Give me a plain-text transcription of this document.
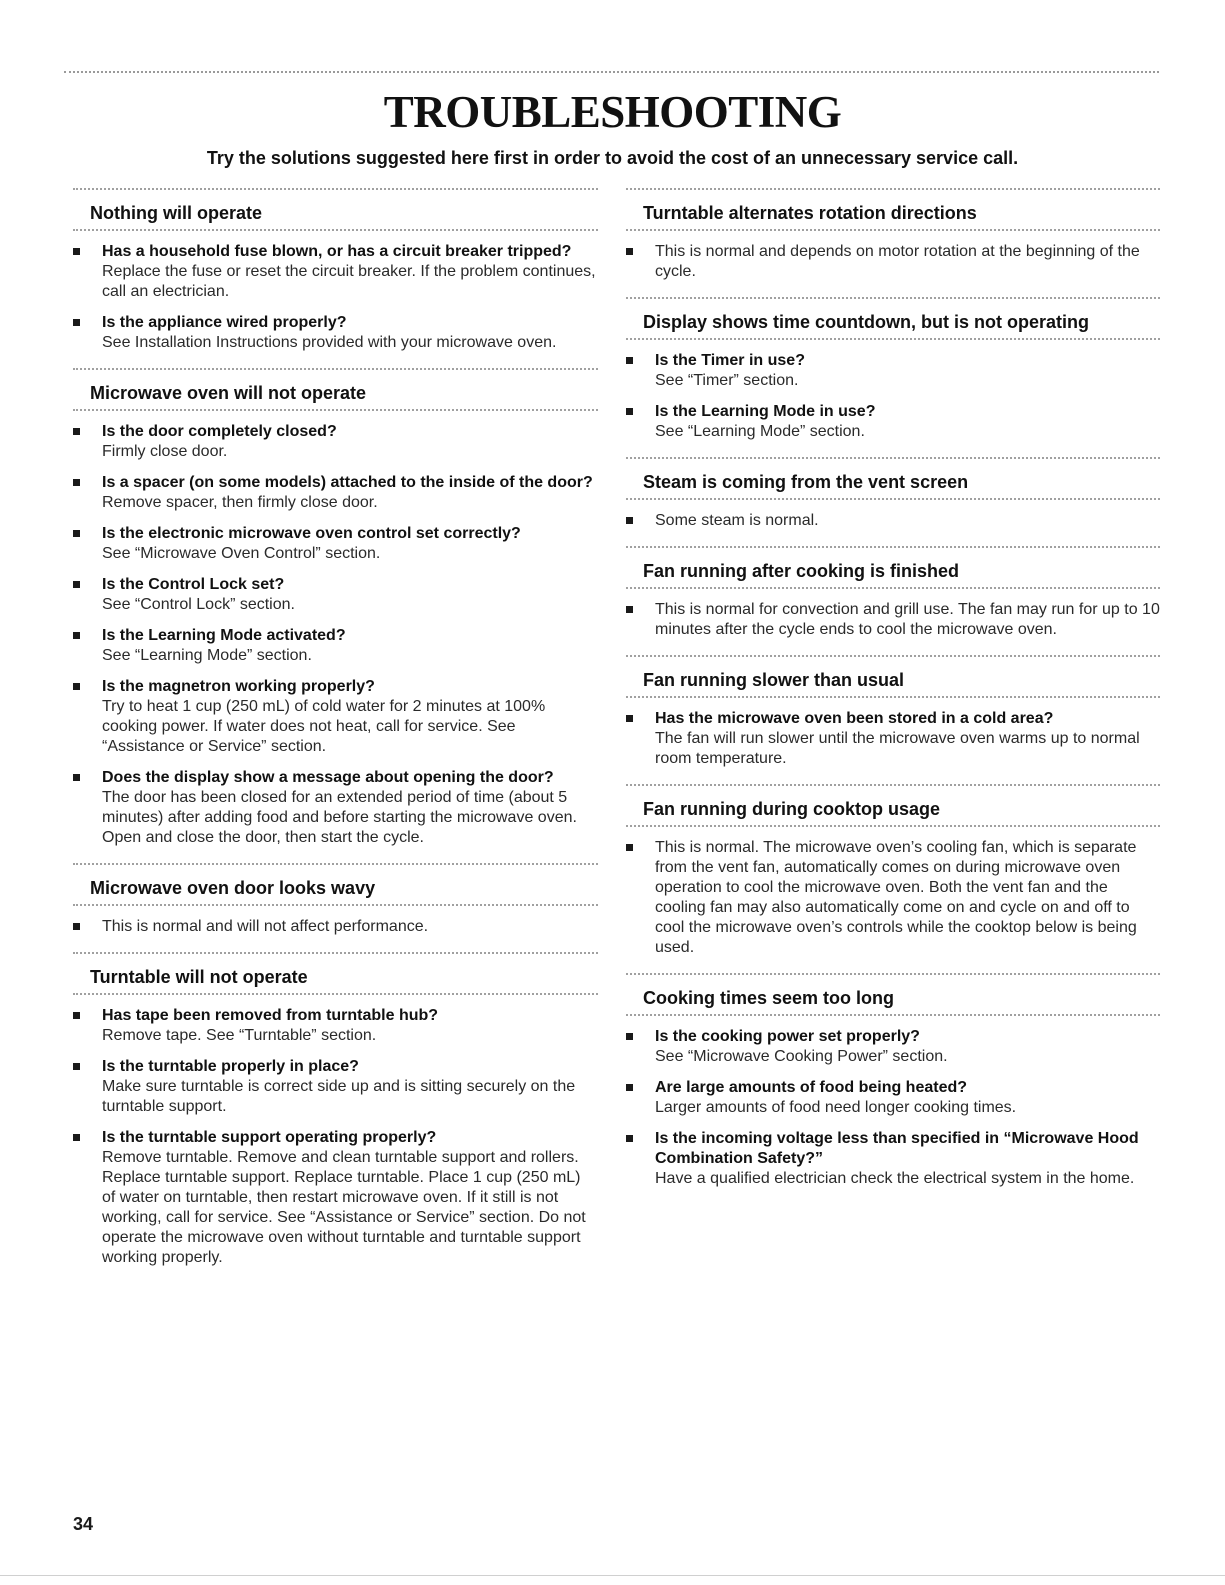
TROUBLESHOOTING

Try the solutions suggested here first in order to avoid the cost of an unnecessary service call.

Nothing will operate
Has a household fuse blown, or has a circuit breaker tripped?
Replace the fuse or reset the circuit breaker. If the problem continues, call an electrician.
Is the appliance wired properly?
See Installation Instructions provided with your microwave oven.
Microwave oven will not operate
Is the door completely closed?
Firmly close door.
Is a spacer (on some models) attached to the inside of the door?
Remove spacer, then firmly close door.
Is the electronic microwave oven control set correctly?
See “Microwave Oven Control” section.
Is the Control Lock set?
See “Control Lock” section.
Is the Learning Mode activated?
See “Learning Mode” section.
Is the magnetron working properly?
Try to heat 1 cup (250 mL) of cold water for 2 minutes at 100% cooking power. If water does not heat, call for service. See “Assistance or Service” section.
Does the display show a message about opening the door?
The door has been closed for an extended period of time (about 5 minutes) after adding food and before starting the microwave oven. Open and close the door, then start the cycle.
Microwave oven door looks wavy
This is normal and will not affect performance.
Turntable will not operate
Has tape been removed from turntable hub?
Remove tape. See “Turntable” section.
Is the turntable properly in place?
Make sure turntable is correct side up and is sitting securely on the turntable support.
Is the turntable support operating properly?
Remove turntable. Remove and clean turntable support and rollers. Replace turntable support. Replace turntable. Place 1 cup (250 mL) of water on turntable, then restart microwave oven. If it still is not working, call for service. See “Assistance or Service” section. Do not operate the microwave oven without turntable and turntable support working properly.
Turntable alternates rotation directions
This is normal and depends on motor rotation at the beginning of the cycle.
Display shows time countdown, but is not operating
Is the Timer in use?
See “Timer” section.
Is the Learning Mode in use?
See “Learning Mode” section.
Steam is coming from the vent screen
Some steam is normal.
Fan running after cooking is finished
This is normal for convection and grill use. The fan may run for up to 10 minutes after the cycle ends to cool the microwave oven.
Fan running slower than usual
Has the microwave oven been stored in a cold area?
The fan will run slower until the microwave oven warms up to normal room temperature.
Fan running during cooktop usage
This is normal. The microwave oven’s cooling fan, which is separate from the vent fan, automatically comes on during microwave oven operation to cool the microwave oven. Both the vent fan and the cooling fan may also automatically come on and cycle on and off to cool the microwave oven’s controls while the cooktop below is being used.
Cooking times seem too long
Is the cooking power set properly?
See “Microwave Cooking Power” section.
Are large amounts of food being heated?
Larger amounts of food need longer cooking times.
Is the incoming voltage less than specified in “Microwave Hood Combination Safety?”
Have a qualified electrician check the electrical system in the home.
34
